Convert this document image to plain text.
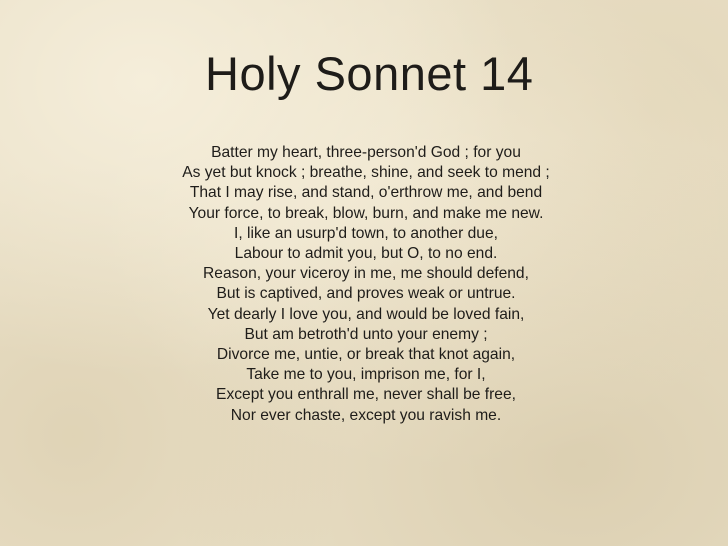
Holy Sonnet 14
Batter my heart, three-person'd God ; for you
As yet but knock ; breathe, shine, and seek to mend ;
That I may rise, and stand, o'erthrow me, and bend
Your force, to break, blow, burn, and make me new.
I, like an usurp'd town, to another due,
Labour to admit you, but O, to no end.
Reason, your viceroy in me, me should defend,
But is captived, and proves weak or untrue.
Yet dearly I love you, and would be loved fain,
But am betroth'd unto your enemy ;
Divorce me, untie, or break that knot again,
Take me to you, imprison me, for I,
Except you enthrall me, never shall be free,
Nor ever chaste, except you ravish me.
